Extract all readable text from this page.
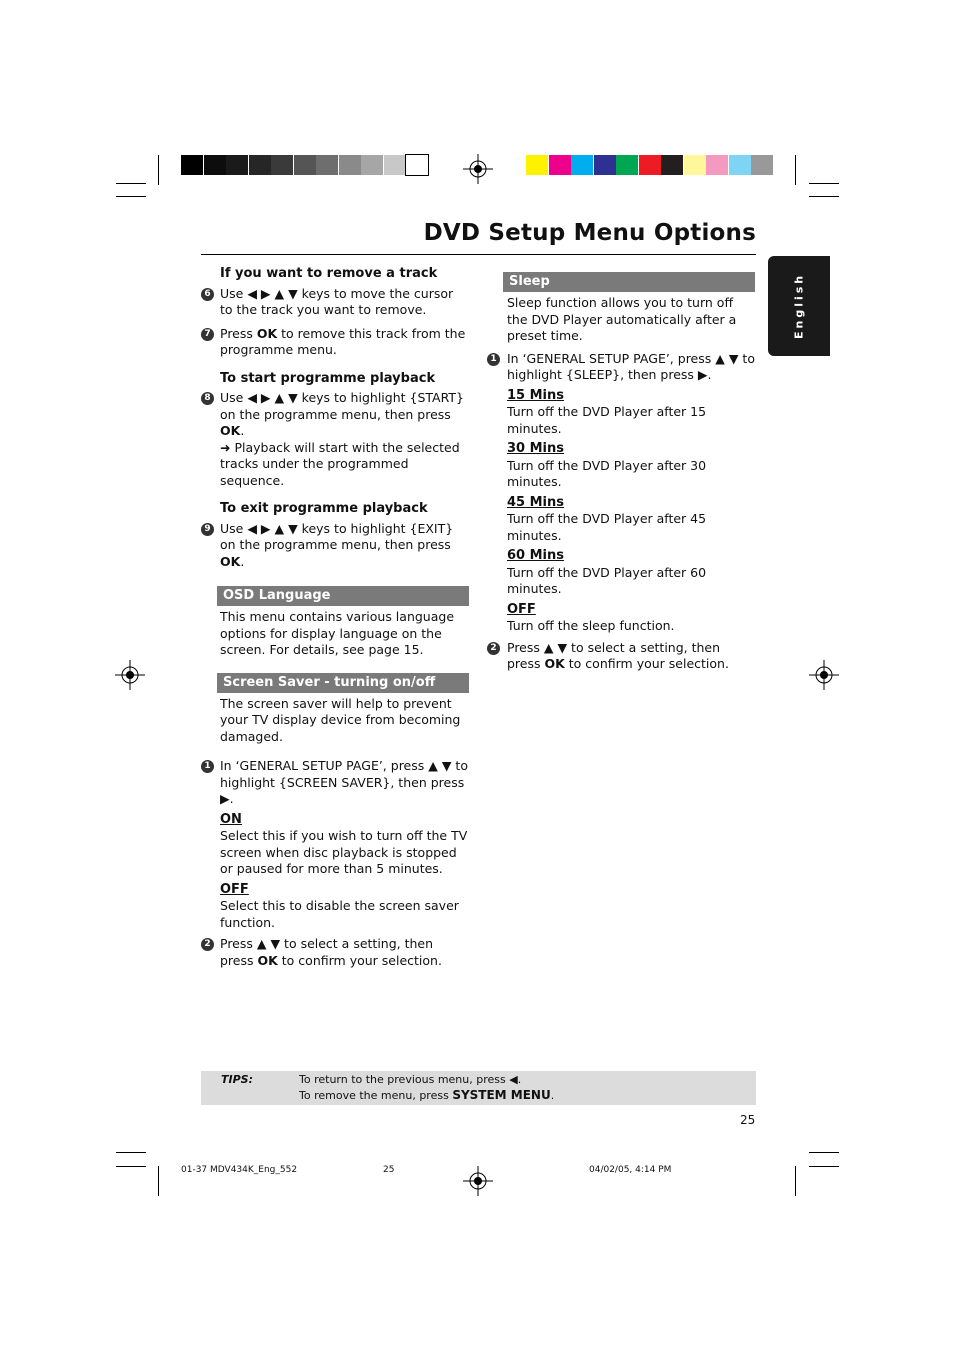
DVD Setup Menu Options
English
If you want to remove a track
6 Use ◀ ▶ ▲ ▼ keys to move the cursor to the track you want to remove.
7 Press OK to remove this track from the programme menu.
To start programme playback
8 Use ◀ ▶ ▲ ▼ keys to highlight {START} on the programme menu, then press OK.
➜ Playback will start with the selected tracks under the programmed sequence.
To exit programme playback
9 Use ◀ ▶ ▲ ▼ keys to highlight {EXIT} on the programme menu, then press OK.
OSD Language
This menu contains various language options for display language on the screen. For details, see page 15.
Screen Saver - turning on/off
The screen saver will help to prevent your TV display device from becoming damaged.
1 In ‘GENERAL SETUP PAGE’, press ▲ ▼ to highlight {SCREEN SAVER}, then press ▶.
ON
Select this if you wish to turn off the TV screen when disc playback is stopped or paused for more than 5 minutes.
OFF
Select this to disable the screen saver function.
2 Press ▲ ▼ to select a setting, then press OK to confirm your selection.
Sleep
Sleep function allows you to turn off the DVD Player automatically after a preset time.
1 In ‘GENERAL SETUP PAGE’, press ▲ ▼ to highlight {SLEEP}, then press ▶.
15 Mins
Turn off the DVD Player after 15 minutes.
30 Mins
Turn off the DVD Player after 30 minutes.
45 Mins
Turn off the DVD Player after 45 minutes.
60 Mins
Turn off the DVD Player after 60 minutes.
OFF
Turn off the sleep function.
2 Press ▲ ▼ to select a setting, then press OK to confirm your selection.
TIPS:	To return to the previous menu, press ◀.
To remove the menu, press SYSTEM MENU.
25
01-37 MDV434K_Eng_552	25	04/02/05, 4:14 PM
